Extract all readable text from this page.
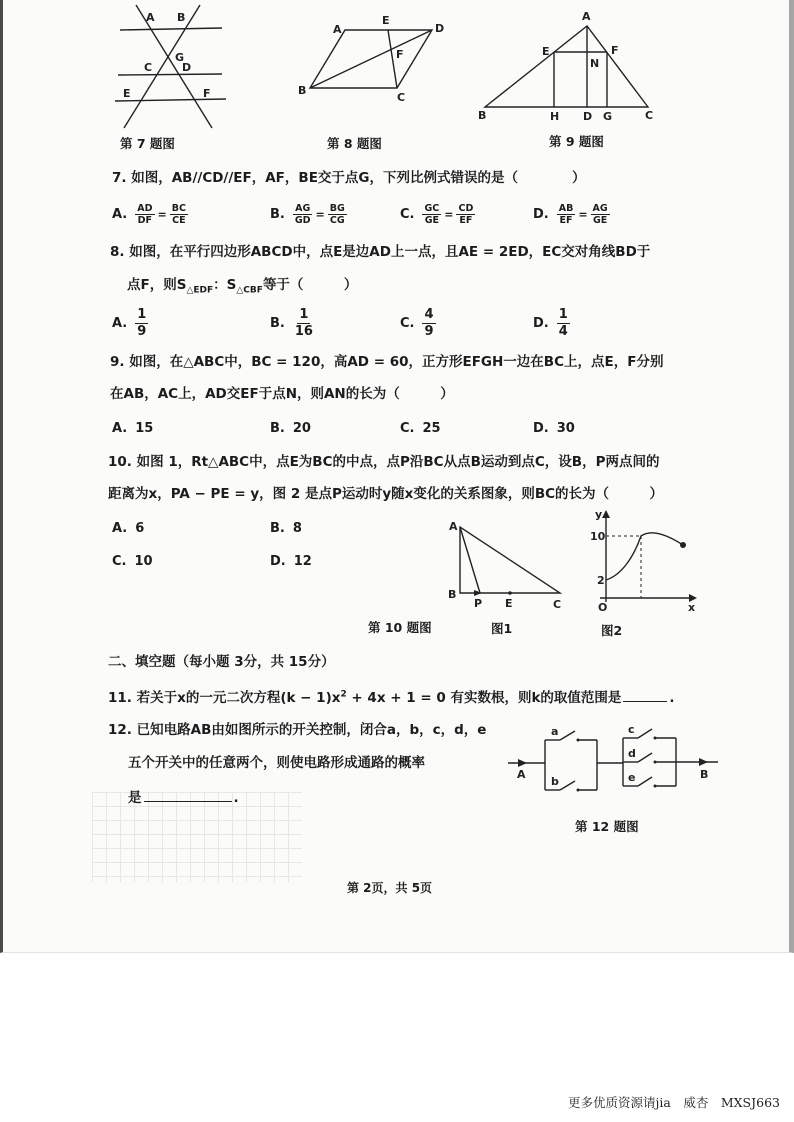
A B
G
C	D
E	F
A
E
D
F
B
C
A
E	F
N
B	H D G	C
A
B
P E	C
y
10
2
O	x
a
b
c
d
e
A	B
第 7 题图	第 8 题图	第 9 题图
7. 如图，AB//CD//EF，AF，BE交于点G，下列比例式错误的是（　　　　）
A. $\frac{AD}{DF} = \frac{BC}{CE}$	B. $\frac{AG}{GD} = \frac{BG}{CG}$	C. $\frac{GC}{GE} = \frac{CD}{EF}$	D. $\frac{AB}{EF} = \frac{AG}{GE}$
8. 如图，在平行四边形ABCD中，点E是边AD上一点，且AE = 2ED，EC交对角线BD于
点F，则$S_{\triangle EDF}$：$S_{\triangle CBF}$等于（　　　）
A. $\frac{1}{9}$	B. $\frac{1}{16}$	C. $\frac{4}{9}$	D. $\frac{1}{4}$
9. 如图，在△ABC中，BC = 120，高AD = 60，正方形EFGH一边在BC上，点E，F分别
在AB，AC上，AD交EF于点N，则AN的长为（　　　）
A. 15	B. 20	C. 25	D. 30
10. 如图 1，Rt△ABC中，点E为BC的中点，点P沿BC从点B运动到点C，设B，P两点间的
距离为x，PA − PE = y，图 2 是点P运动时y随x变化的关系图象，则BC的长为（　　　）
A. 6	B. 8
C. 10	D. 12
第 10 题图	图1	图2
二、填空题（每小题 3分，共 15分）
11. 若关于x的一元二次方程$(k - 1)x^2 + 4x + 1 = 0$ 有实数根，则k的取值范围是	.
12. 已知电路AB由如图所示的开关控制，闭合a，b，c，d，e
五个开关中的任意两个，则使电路形成通路的概率
是	.
第 12 题图
第 2页，共 5页
更多优质资源请jia　威杏　MXSJ663
